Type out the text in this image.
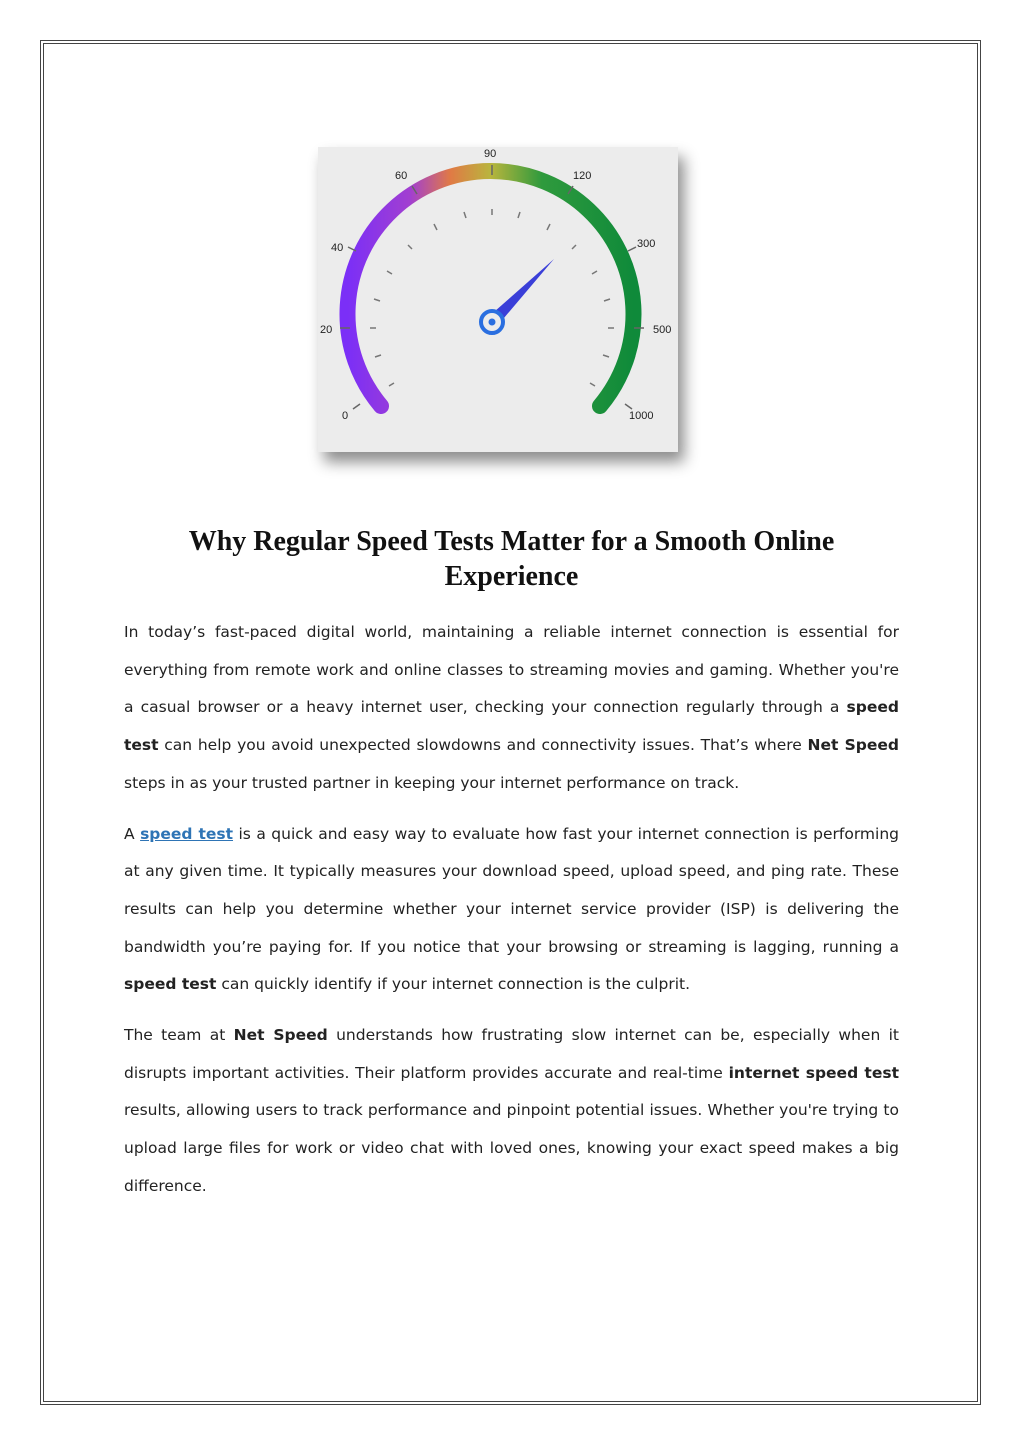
0
20
40
60
90
120
300
500
1000
Why Regular Speed Tests Matter for a Smooth Online Experience

In today’s fast-paced digital world, maintaining a reliable internet connection is essential for everything from remote work and online classes to streaming movies and gaming. Whether you're a casual browser or a heavy internet user, checking your connection regularly through a speed test can help you avoid unexpected slowdowns and connectivity issues. That’s where Net Speed steps in as your trusted partner in keeping your internet performance on track.

A speed test is a quick and easy way to evaluate how fast your internet connection is performing at any given time. It typically measures your download speed, upload speed, and ping rate. These results can help you determine whether your internet service provider (ISP) is delivering the bandwidth you’re paying for. If you notice that your browsing or streaming is lagging, running a speed test can quickly identify if your internet connection is the culprit.

The team at Net Speed understands how frustrating slow internet can be, especially when it disrupts important activities. Their platform provides accurate and real-time internet speed test results, allowing users to track performance and pinpoint potential issues. Whether you're trying to upload large files for work or video chat with loved ones, knowing your exact speed makes a big difference.
